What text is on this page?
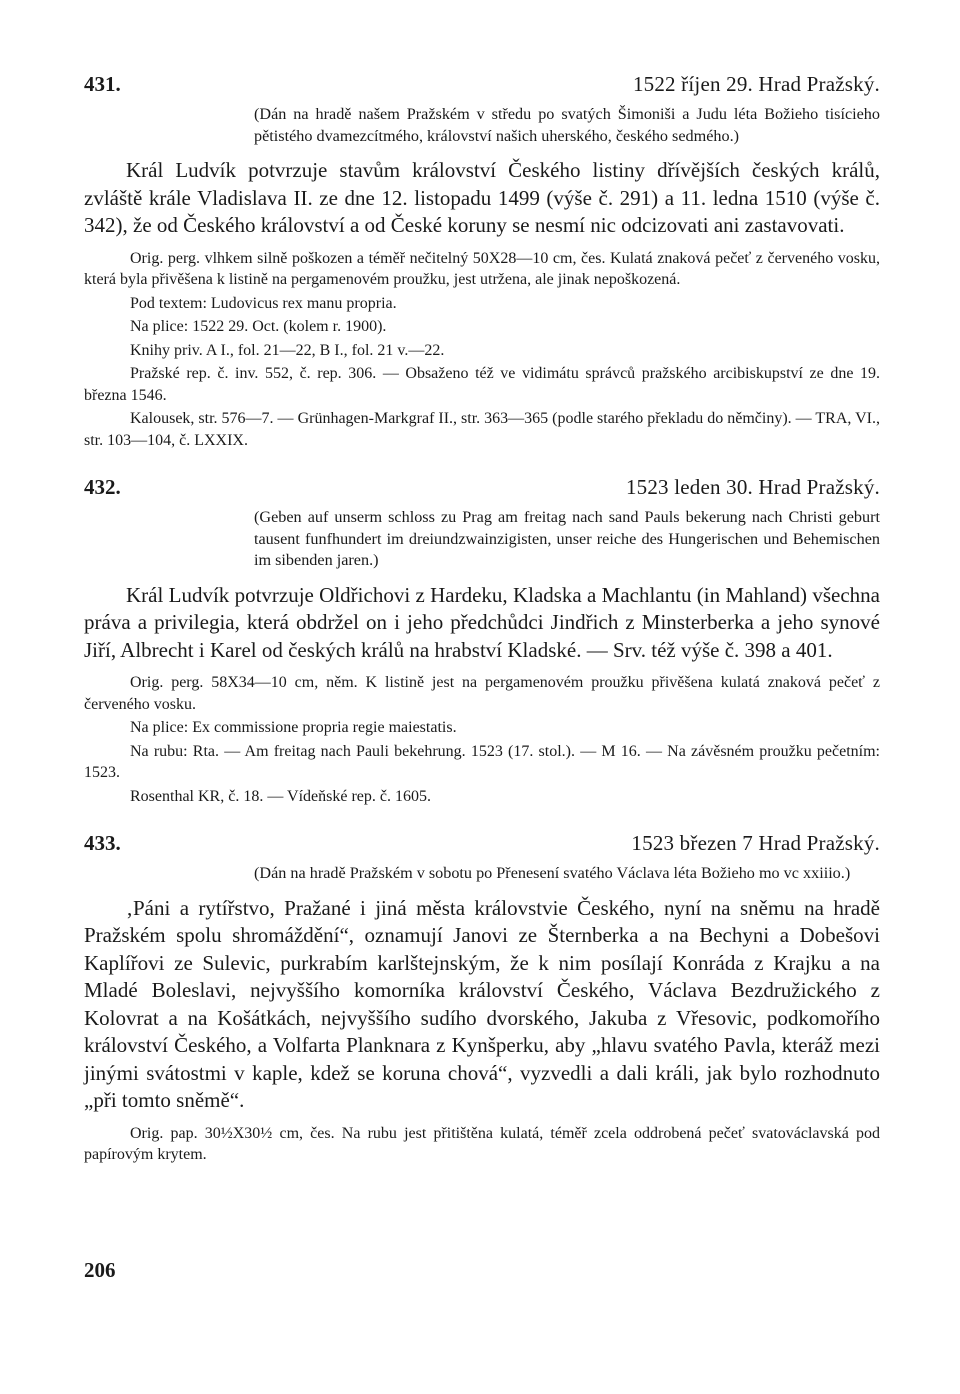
431.	1522 říjen 29. Hrad Pražský.
(Dán na hradě našem Pražském v středu po svatých Šimoniši a Judu léta Božieho tisícieho pětistého dvamezcítmého, království našich uherského, českého sedmého.)

Král Ludvík potvrzuje stavům království Českého listiny dřívějších českých králů, zvláště krále Vladislava II. ze dne 12. listopadu 1499 (výše č. 291) a 11. ledna 1510 (výše č. 342), že od Českého království a od České koruny se nesmí nic odcizovati ani zastavovati.

Orig. perg. vlhkem silně poškozen a téměř nečitelný 50X28—10 cm, čes. Kulatá znaková pečeť z červeného vosku, která byla přivěšena k listině na pergamenovém proužku, jest utržena, ale jinak nepoškozená.

Pod textem: Ludovicus rex manu propria.

Na plice: 1522 29. Oct. (kolem r. 1900).

Knihy priv. A I., fol. 21—22, B I., fol. 21 v.—22.

Pražské rep. č. inv. 552, č. rep. 306. — Obsaženo též ve vidimátu správců pražského arcibiskupství ze dne 19. března 1546.

Kalousek, str. 576—7. — Grünhagen-Markgraf II., str. 363—365 (podle starého překladu do němčiny). — TRA, VI., str. 103—104, č. LXXIX.

432.	1523 leden 30. Hrad Pražský.
(Geben auf unserm schloss zu Prag am freitag nach sand Pauls bekerung nach Christi geburt tausent funfhundert im dreiundzwainzigisten, unser reiche des Hungerischen und Behemischen im sibenden jaren.)

Král Ludvík potvrzuje Oldřichovi z Hardeku, Kladska a Machlantu (in Mahland) všechna práva a privilegia, která obdržel on i jeho předchůdci Jindřich z Minsterberka a jeho synové Jiří, Albrecht i Karel od českých králů na hrabství Kladské. — Srv. též výše č. 398 a 401.

Orig. perg. 58X34—10 cm, něm. K listině jest na pergamenovém proužku přivěšena kulatá znaková pečeť z červeného vosku.

Na plice: Ex commissione propria regie maiestatis.

Na rubu: Rta. — Am freitag nach Pauli bekehrung. 1523 (17. stol.). — M 16. — Na závěsném proužku pečetním: 1523.

Rosenthal KR, č. 18. — Vídeňské rep. č. 1605.

433.	1523 březen 7 Hrad Pražský.
(Dán na hradě Pražském v sobotu po Přenesení svatého Václava léta Božieho mo vc xxiiio.)

‚Páni a rytířstvo, Pražané i jiná města královstvie Českého, nyní na sněmu na hradě Pražském spolu shromáždění“, oznamují Janovi ze Šternberka a na Bechyni a Dobešovi Kaplířovi ze Sulevic, purkrabím karlštejnským, že k nim posílají Konráda z Krajku a na Mladé Boleslavi, nejvyššího komorníka království Českého, Václava Bezdružického z Kolovrat a na Košátkách, nejvyššího sudího dvorského, Jakuba z Vřesovic, podkomořího království Českého, a Volfarta Planknara z Kynšperku, aby „hlavu svatého Pavla, kteráž mezi jinými svátostmi v kaple, kdež se koruna chová“, vyzvedli a dali králi, jak bylo rozhodnuto „při tomto sněmě“.

Orig. pap. 30½X30½ cm, čes. Na rubu jest přitištěna kulatá, téměř zcela oddrobená pečeť svatováclavská pod papírovým krytem.

206
